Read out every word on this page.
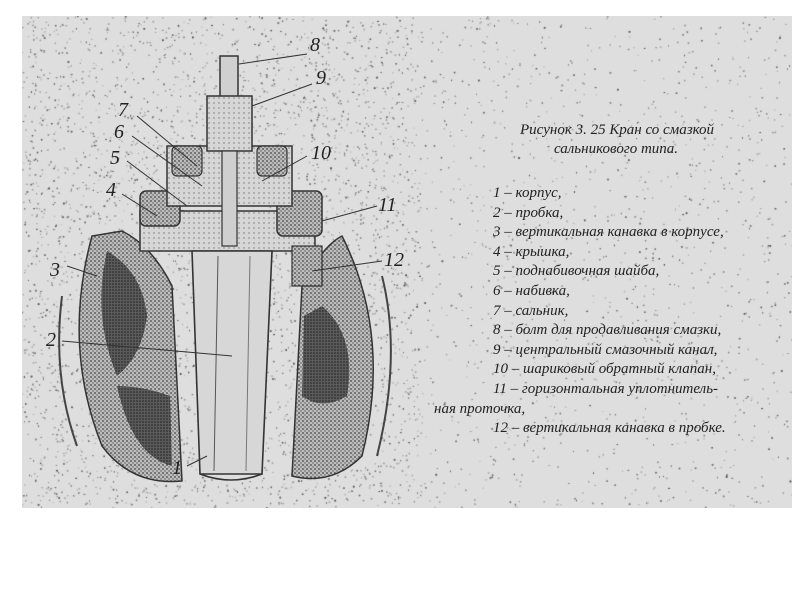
8
9
7
6
5
4
10
11
3	12
2
1
Рисунок 3. 25 Кран со смазкой
сальникового типа.
1 – корпус,
2 – пробка,
3 – вертикальная канавка в корпусе,
4 – крышка,
5 – поднабивочная шайба,
6 – набивка,
7 – сальник,
8 – болт для продавливания смазки,
9 – центральный смазочный канал,
10 – шариковый обратный клапан,
11 – горизонтальная уплотнитель-
ная проточка,
12 – вертикальная канавка в пробке.
